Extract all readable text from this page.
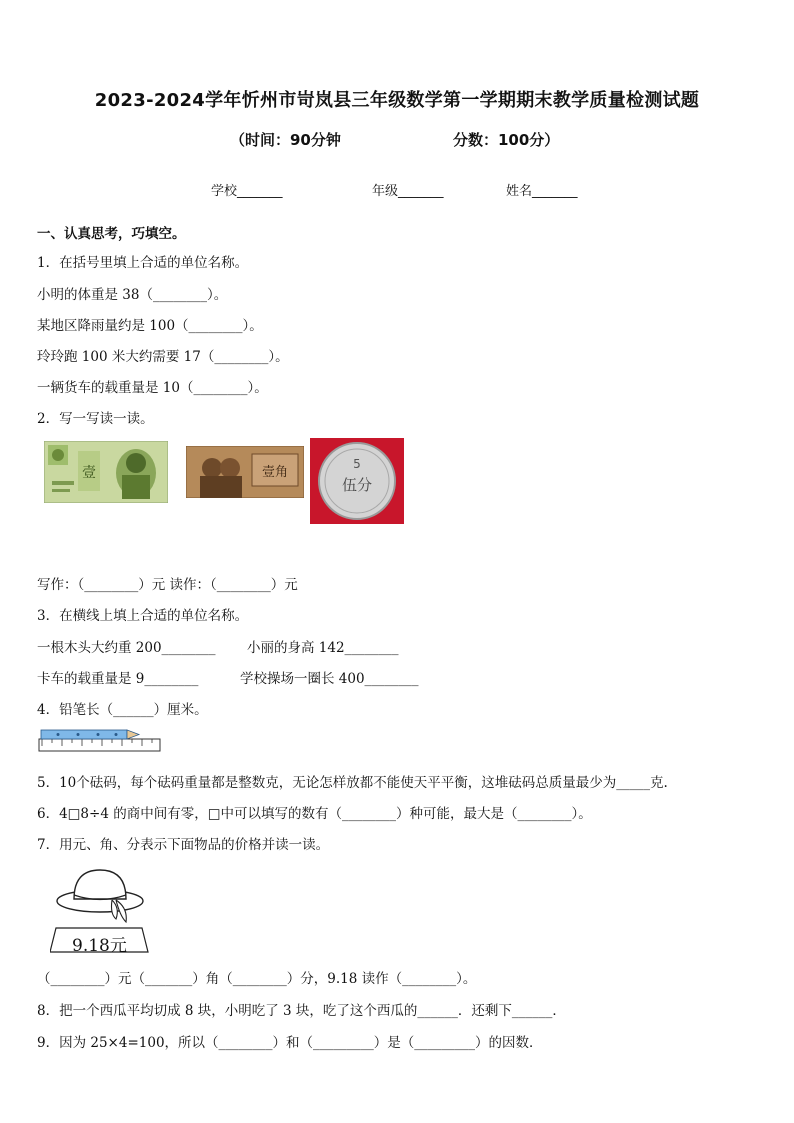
2023-2024学年忻州市岢岚县三年级数学第一学期期末教学质量检测试题
（时间：90分钟	分数：100分）
学校_______	年级_______	姓名_______
一、认真思考，巧填空。
1．在括号里填上合适的单位名称。
小明的体重是 38（________）。
某地区降雨量约是 100（________）。
玲玲跑 100 米大约需要 17（________）。
一辆货车的载重量是 10（________）。
2．写一写读一读。
壹	壹角
5
伍分
写作：（________）元 读作：（________）元
3．在横线上填上合适的单位名称。
一根木头大约重 200________ 小丽的身高 142________
卡车的载重量是 9________	学校操场一圈长 400________
4．铅笔长（______）厘米。
5．10个砝码，每个砝码重量都是整数克，无论怎样放都不能使天平平衡，这堆砝码总质量最少为_____克.
6．4□8÷4 的商中间有零，□中可以填写的数有（________）种可能，最大是（________）。
7．用元、角、分表示下面物品的价格并读一读。
9.18元
（________）元（_______）角（________）分，9.18 读作（________）。
8．把一个西瓜平均切成 8 块，小明吃了 3 块，吃了这个西瓜的______．还剩下______．
9．因为 25×4=100，所以（________）和（_________）是（_________）的因数．
